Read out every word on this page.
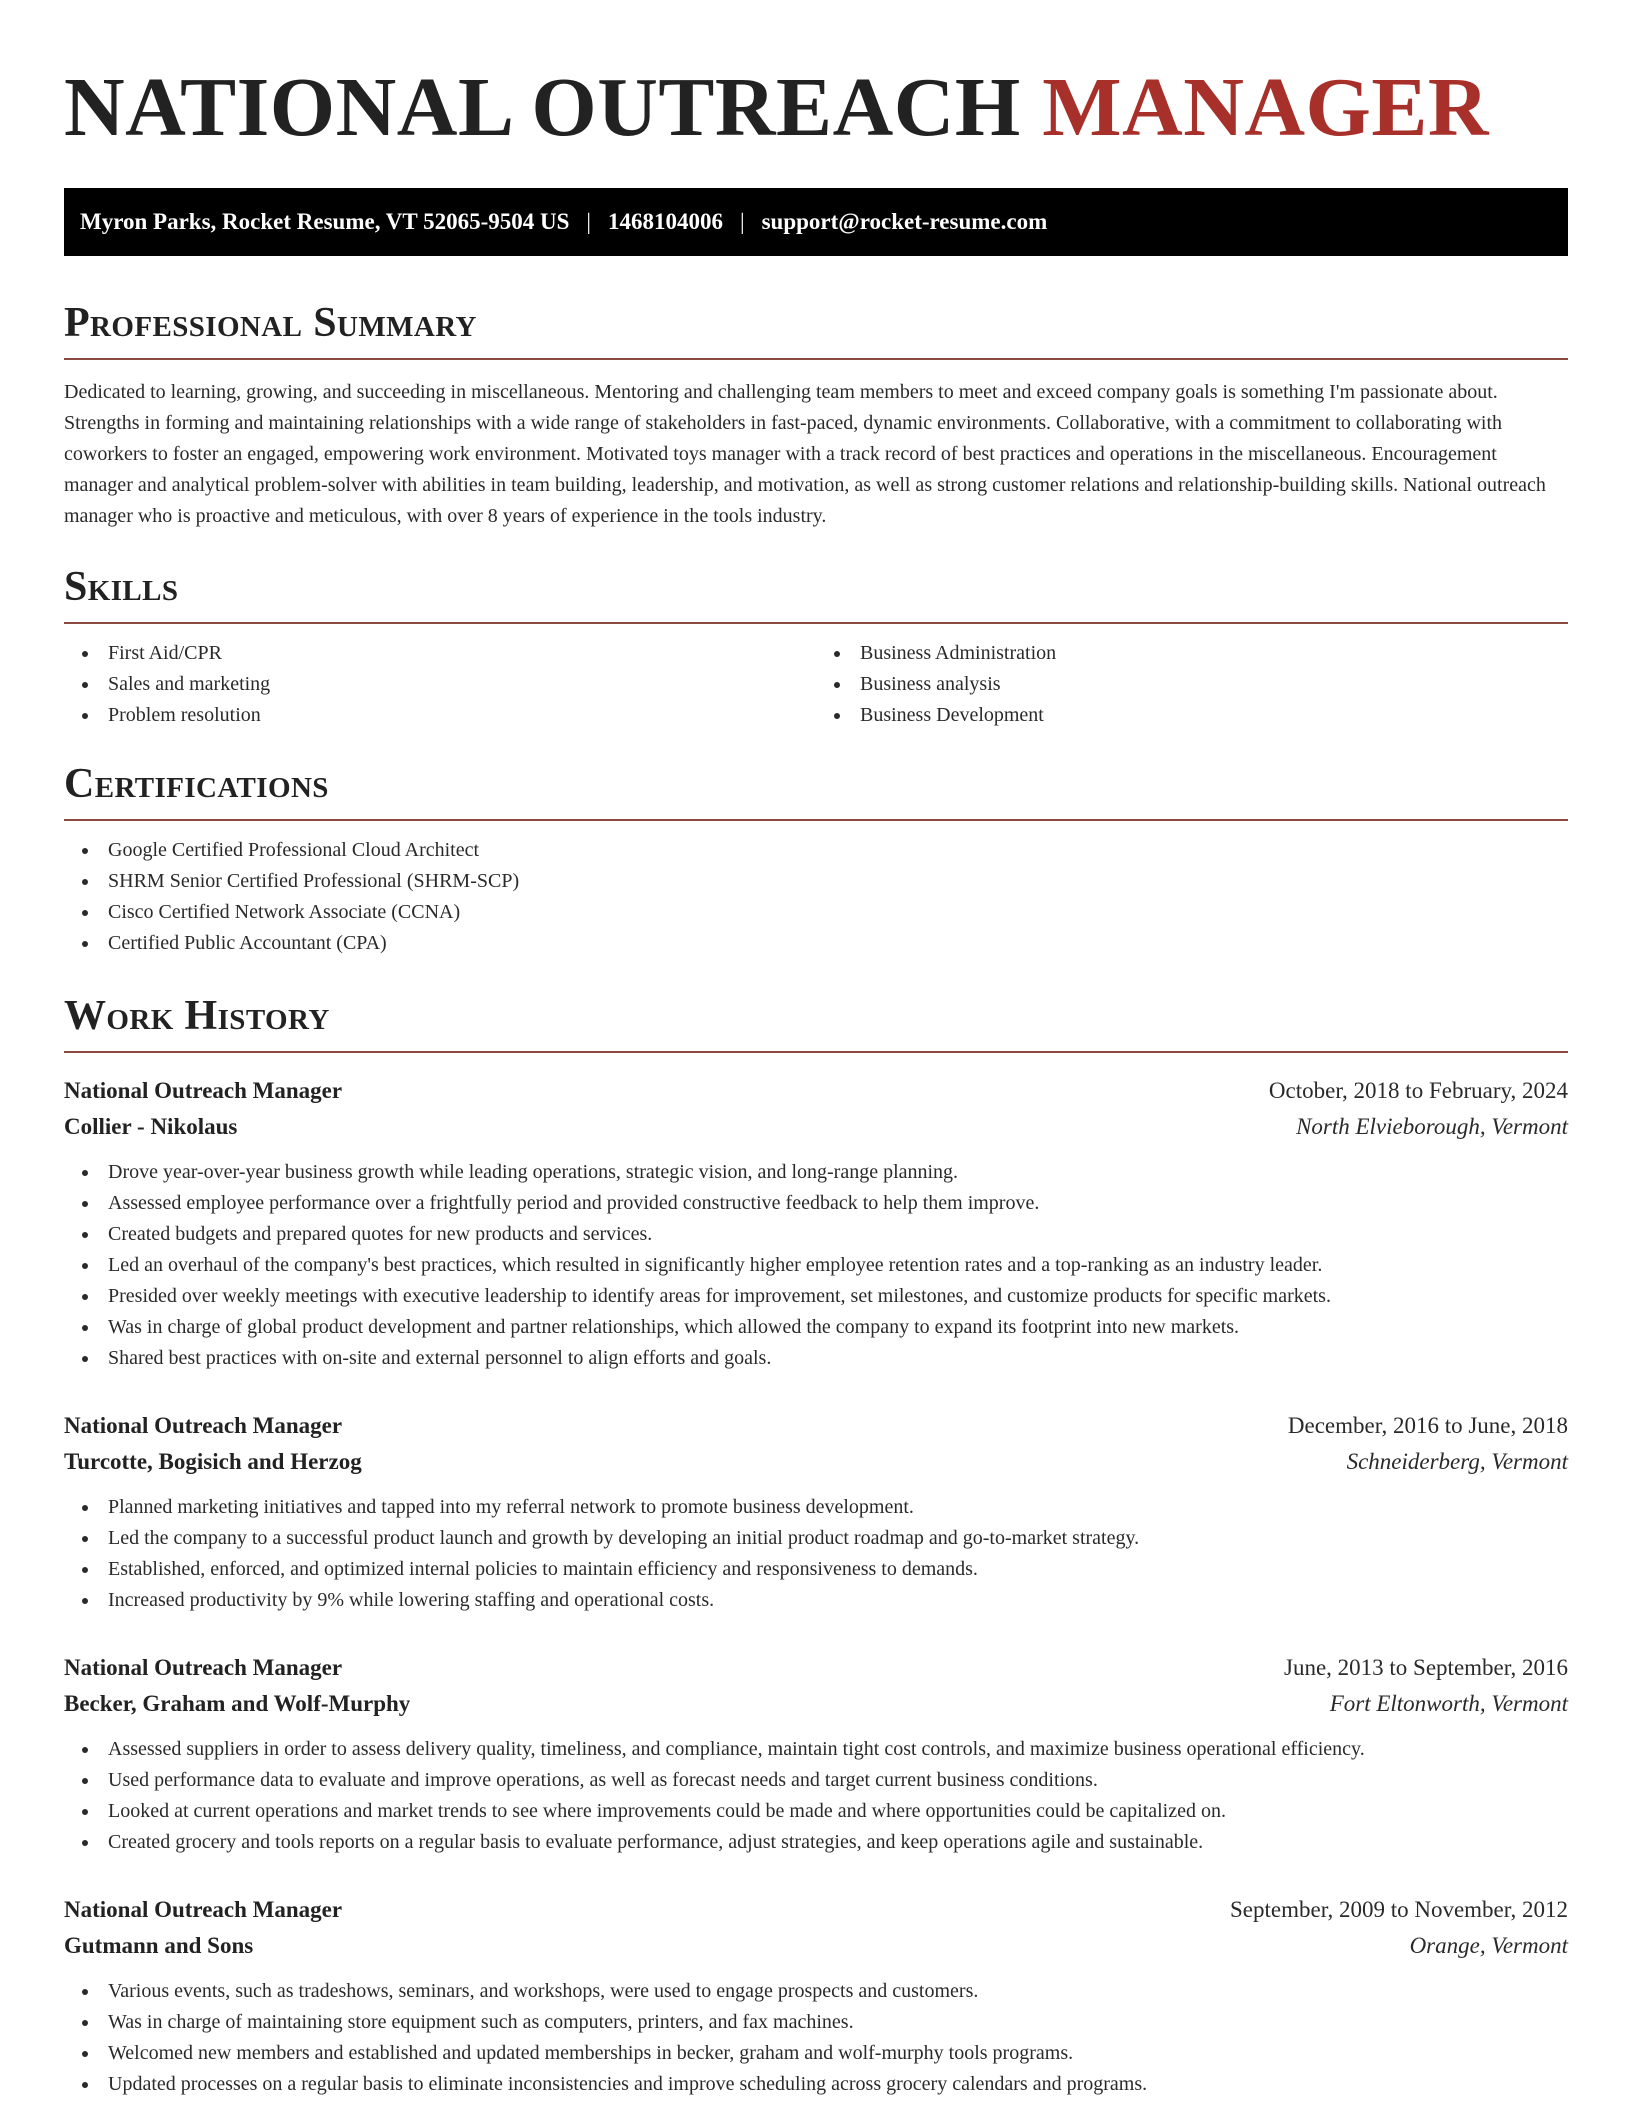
NATIONAL OUTREACH MANAGER
Myron Parks, Rocket Resume, VT 52065-9504 US | 1468104006 | support@rocket-resume.com
Professional Summary

Dedicated to learning, growing, and succeeding in miscellaneous. Mentoring and challenging team members to meet and exceed company goals is something I'm passionate about. Strengths in forming and maintaining relationships with a wide range of stakeholders in fast-paced, dynamic environments. Collaborative, with a commitment to collaborating with coworkers to foster an engaged, empowering work environment. Motivated toys manager with a track record of best practices and operations in the miscellaneous. Encouragement manager and analytical problem-solver with abilities in team building, leadership, and motivation, as well as strong customer relations and relationship-building skills. National outreach manager who is proactive and meticulous, with over 8 years of experience in the tools industry.

Skills
First Aid/CPR
Sales and marketing
Problem resolution
Business Administration
Business analysis
Business Development
Certifications
Google Certified Professional Cloud Architect
SHRM Senior Certified Professional (SHRM-SCP)
Cisco Certified Network Associate (CCNA)
Certified Public Accountant (CPA)
Work History
National Outreach Manager	October, 2018 to February, 2024
Collier - Nikolaus	North Elvieborough, Vermont
Drove year-over-year business growth while leading operations, strategic vision, and long-range planning.
Assessed employee performance over a frightfully period and provided constructive feedback to help them improve.
Created budgets and prepared quotes for new products and services.
Led an overhaul of the company's best practices, which resulted in significantly higher employee retention rates and a top-ranking as an industry leader.
Presided over weekly meetings with executive leadership to identify areas for improvement, set milestones, and customize products for specific markets.
Was in charge of global product development and partner relationships, which allowed the company to expand its footprint into new markets.
Shared best practices with on-site and external personnel to align efforts and goals.
National Outreach Manager	December, 2016 to June, 2018
Turcotte, Bogisich and Herzog	Schneiderberg, Vermont
Planned marketing initiatives and tapped into my referral network to promote business development.
Led the company to a successful product launch and growth by developing an initial product roadmap and go-to-market strategy.
Established, enforced, and optimized internal policies to maintain efficiency and responsiveness to demands.
Increased productivity by 9% while lowering staffing and operational costs.
National Outreach Manager	June, 2013 to September, 2016
Becker, Graham and Wolf-Murphy	Fort Eltonworth, Vermont
Assessed suppliers in order to assess delivery quality, timeliness, and compliance, maintain tight cost controls, and maximize business operational efficiency.
Used performance data to evaluate and improve operations, as well as forecast needs and target current business conditions.
Looked at current operations and market trends to see where improvements could be made and where opportunities could be capitalized on.
Created grocery and tools reports on a regular basis to evaluate performance, adjust strategies, and keep operations agile and sustainable.
National Outreach Manager	September, 2009 to November, 2012
Gutmann and Sons	Orange, Vermont
Various events, such as tradeshows, seminars, and workshops, were used to engage prospects and customers.
Was in charge of maintaining store equipment such as computers, printers, and fax machines.
Welcomed new members and established and updated memberships in becker, graham and wolf-murphy tools programs.
Updated processes on a regular basis to eliminate inconsistencies and improve scheduling across grocery calendars and programs.
